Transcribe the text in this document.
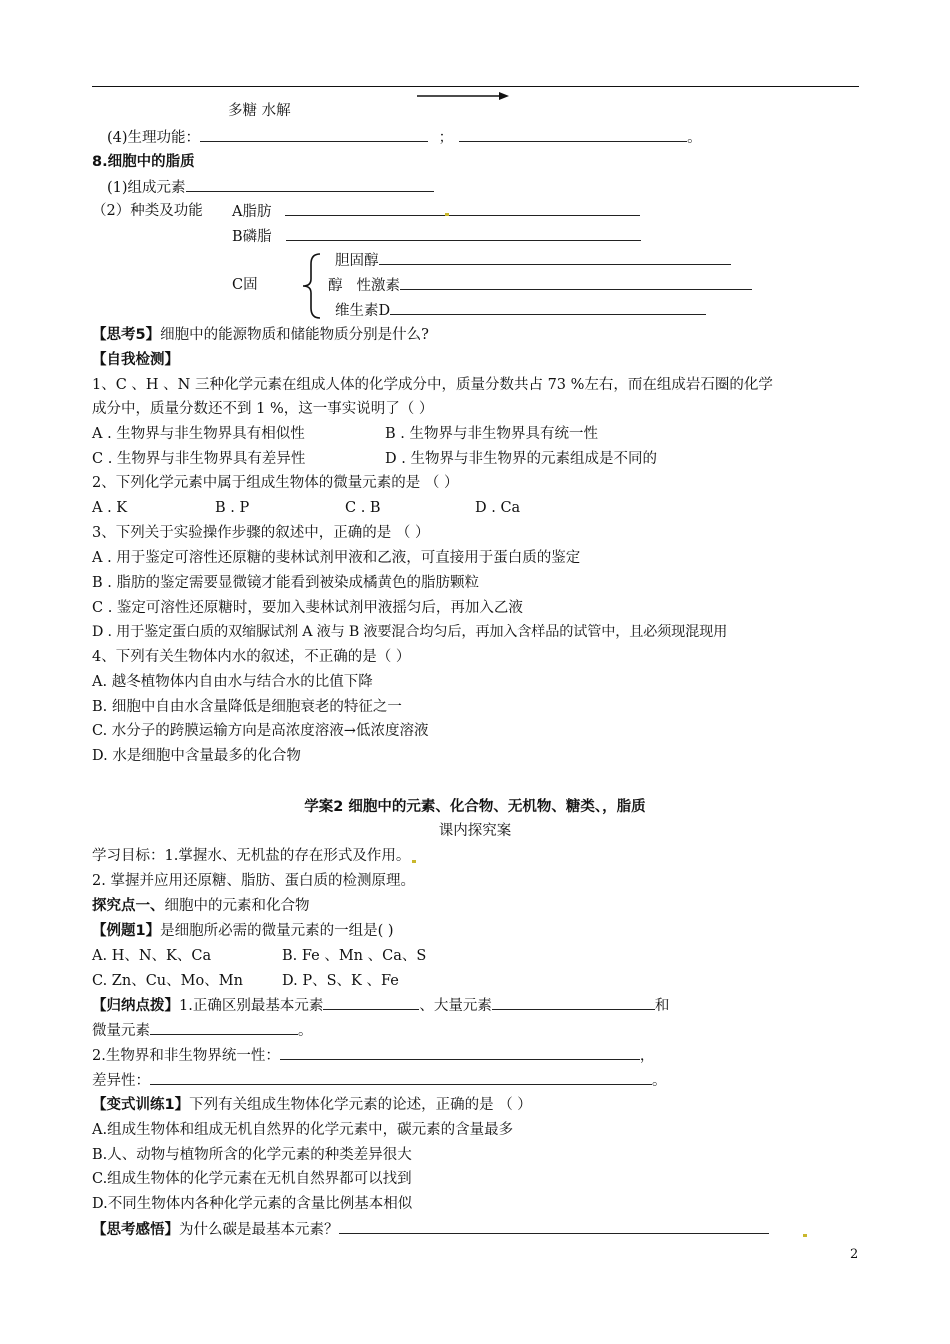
多糖 水解
(4)生理功能：	；	。
8.细胞中的脂质
(1)组成元素
（2）种类及功能 A脂肪
B磷脂
C固
胆固醇
醇 性激素
维生素D
【思考5】细胞中的能源物质和储能物质分别是什么?
【自我检测】
1、C 、H 、N 三种化学元素在组成人体的化学成分中，质量分数共占 73 %左右，而在组成岩石圈的化学
成分中，质量分数还不到 1 %，这一事实说明了（ ）
A . 生物界与非生物界具有相似性	B . 生物界与非生物界具有统一性
C . 生物界与非生物界具有差异性	D . 生物界与非生物界的元素组成是不同的
2、下列化学元素中属于组成生物体的微量元素的是 （ ）
A . K	B . P	C . B	D . Ca
3、下列关于实验操作步骤的叙述中，正确的是 （ ）
A . 用于鉴定可溶性还原糖的斐林试剂甲液和乙液，可直接用于蛋白质的鉴定
B . 脂肪的鉴定需要显微镜才能看到被染成橘黄色的脂肪颗粒
C . 鉴定可溶性还原糖时，要加入斐林试剂甲液摇匀后，再加入乙液
D . 用于鉴定蛋白质的双缩脲试剂 A 液与 B 液要混合均匀后，再加入含样品的试管中，且必须现混现用
4、下列有关生物体内水的叙述，不正确的是（ ）
A. 越冬植物体内自由水与结合水的比值下降
B. 细胞中自由水含量降低是细胞衰老的特征之一
C. 水分子的跨膜运输方向是高浓度溶液→低浓度溶液
D. 水是细胞中含量最多的化合物
学案2 细胞中的元素、化合物、无机物、糖类、，脂质
课内探究案
学习目标：1.掌握水、无机盐的存在形式及作用。
2. 掌握并应用还原糖、脂肪、蛋白质的检测原理。
探究点一、细胞中的元素和化合物
【例题1】是细胞所必需的微量元素的一组是( )
A. H、N、K、Ca	B. Fe 、Mn 、Ca、S
C. Zn、Cu、Mo、Mn	D. P、S、K 、Fe
【归纳点拨】1.正确区别最基本元素	、大量元素	和
微量元素	。
2.生物界和非生物界统一性：	，
差异性：	。
【变式训练1】下列有关组成生物体化学元素的论述，正确的是 （ ）
A.组成生物体和组成无机自然界的化学元素中，碳元素的含量最多
B.人、动物与植物所含的化学元素的种类差异很大
C.组成生物体的化学元素在无机自然界都可以找到
D.不同生物体内各种化学元素的含量比例基本相似
【思考感悟】为什么碳是最基本元素？
2
